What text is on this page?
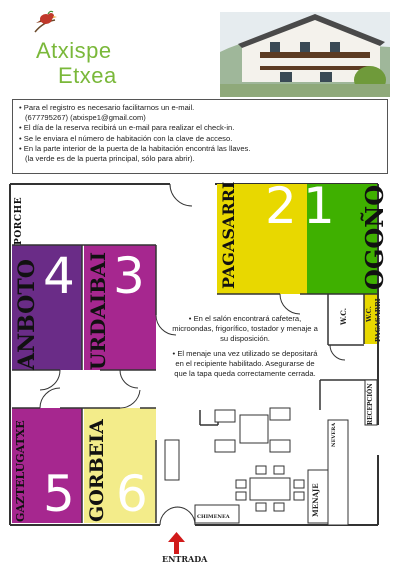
Atxispe
Etxea
• Para el registro es necesario facilitarnos un e-mail.
(677795267) (atxispe1@gmail.com)
• El día de la reserva recibirá un e-mail para realizar el check-in.
• Se le enviara el número de habitación con la clave de acceso.
• En la parte interior de la puerta de la habitación encontrá las llaves.
(la verde es de la puerta principal, sólo para abrir).
PORCHE
ANBOTO 4 URDAIBAI 3	PAGASARRI 2	OGOÑO
1
GAZTELUGATXE 5 GORBEIA 6
W.C.	W.C. PAGASARRI
RECEPCIÓN
MENAJE
NEVERA
CHIMENEA
ENTRADA

• En el salón encontrará cafetera, microondas, frigorífico, tostador y menaje a su disposición.

• El menaje una vez utilizado se depositará en el recipiente habilitado. Asegurarse de que la tapa queda correctamente cerrada.
